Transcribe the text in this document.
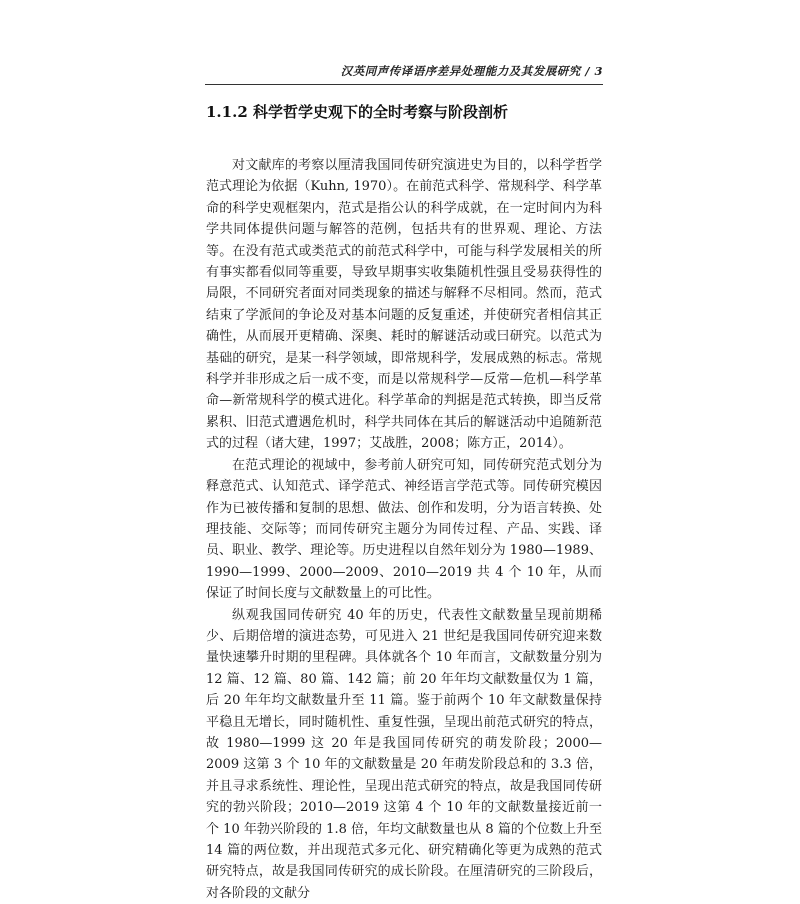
汉英同声传译语序差异处理能力及其发展研究 / 3
1.1.2 科学哲学史观下的全时考察与阶段剖析

对文献库的考察以厘清我国同传研究演进史为目的，以科学哲学范式理论为依据（Kuhn, 1970）。在前范式科学、常规科学、科学革命的科学史观框架内，范式是指公认的科学成就，在一定时间内为科学共同体提供问题与解答的范例，包括共有的世界观、理论、方法等。在没有范式或类范式的前范式科学中，可能与科学发展相关的所有事实都看似同等重要，导致早期事实收集随机性强且受易获得性的局限，不同研究者面对同类现象的描述与解释不尽相同。然而，范式结束了学派间的争论及对基本问题的反复重述，并使研究者相信其正确性，从而展开更精确、深奥、耗时的解谜活动或曰研究。以范式为基础的研究，是某一科学领域，即常规科学，发展成熟的标志。常规科学并非形成之后一成不变，而是以常规科学—反常—危机—科学革命—新常规科学的模式进化。科学革命的判据是范式转换，即当反常累积、旧范式遭遇危机时，科学共同体在其后的解谜活动中追随新范式的过程（诸大建，1997；艾战胜，2008；陈方正，2014）。

在范式理论的视域中，参考前人研究可知，同传研究范式划分为释意范式、认知范式、译学范式、神经语言学范式等。同传研究模因作为已被传播和复制的思想、做法、创作和发明，分为语言转换、处理技能、交际等；而同传研究主题分为同传过程、产品、实践、译员、职业、教学、理论等。历史进程以自然年划分为 1980—1989、1990—1999、2000—2009、2010—2019 共 4 个 10 年，从而保证了时间长度与文献数量上的可比性。

纵观我国同传研究 40 年的历史，代表性文献数量呈现前期稀少、后期倍增的演进态势，可见进入 21 世纪是我国同传研究迎来数量快速攀升时期的里程碑。具体就各个 10 年而言，文献数量分别为 12 篇、12 篇、80 篇、142 篇；前 20 年年均文献数量仅为 1 篇，后 20 年年均文献数量升至 11 篇。鉴于前两个 10 年文献数量保持平稳且无增长，同时随机性、重复性强，呈现出前范式研究的特点，故 1980—1999 这 20 年是我国同传研究的萌发阶段；2000—2009 这第 3 个 10 年的文献数量是 20 年萌发阶段总和的 3.3 倍，并且寻求系统性、理论性，呈现出范式研究的特点，故是我国同传研究的勃兴阶段；2010—2019 这第 4 个 10 年的文献数量接近前一个 10 年勃兴阶段的 1.8 倍，年均文献数量也从 8 篇的个位数上升至 14 篇的两位数，并出现范式多元化、研究精确化等更为成熟的范式研究特点，故是我国同传研究的成长阶段。在厘清研究的三阶段后，对各阶段的文献分
